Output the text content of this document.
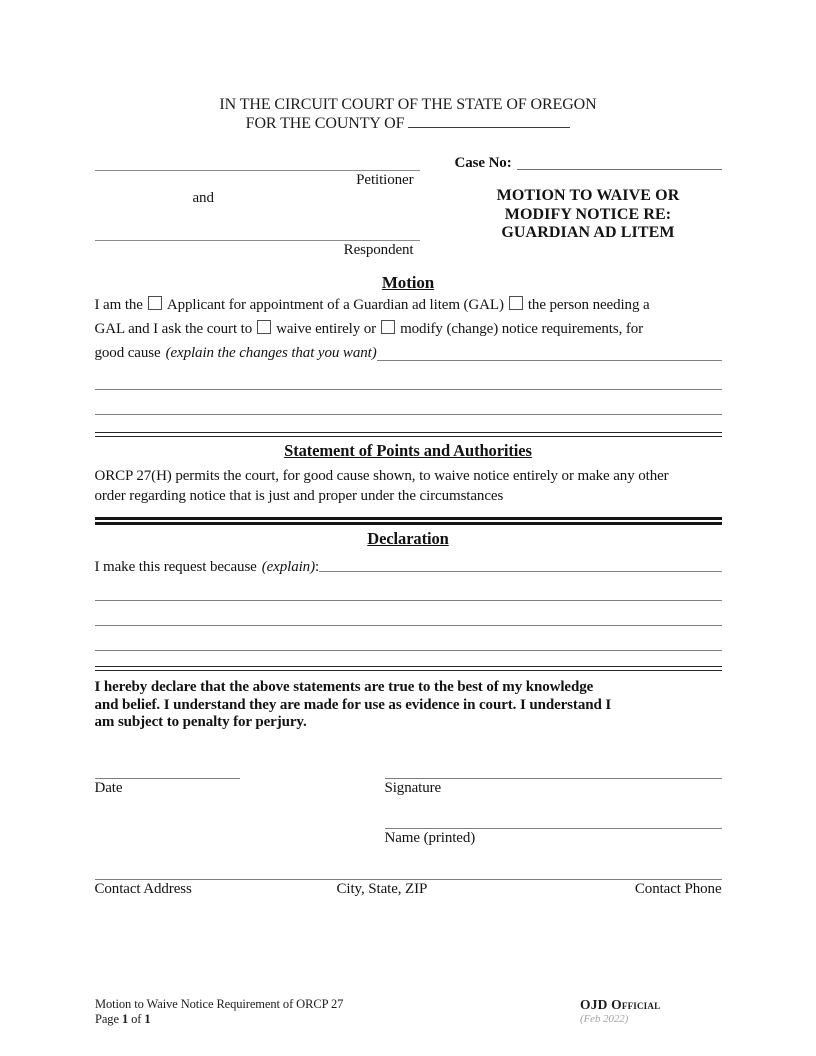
IN THE CIRCUIT COURT OF THE STATE OF OREGON
FOR THE COUNTY OF
Petitioner
and
Respondent
Case No:
MOTION TO WAIVE OR
MODIFY NOTICE RE:
GUARDIAN AD LITEM
Motion
I am the Applicant for appointment of a Guardian ad litem (GAL) the person needing a
GAL and I ask the court to waive entirely or modify (change) notice requirements, for
good cause (explain the changes that you want)
Statement of Points and Authorities
ORCP 27(H) permits the court, for good cause shown, to waive notice entirely or make any other
order regarding notice that is just and proper under the circumstances
Declaration
I make this request because (explain) :
I hereby declare that the above statements are true to the best of my knowledge
and belief. I understand they are made for use as evidence in court. I understand I
am subject to penalty for perjury.
Date	Signature
Name (printed)
Contact Address	City, State, ZIP	Contact Phone
Motion to Waive Notice Requirement of ORCP 27
Page 1 of 1
OJD Official
(Feb 2022)
